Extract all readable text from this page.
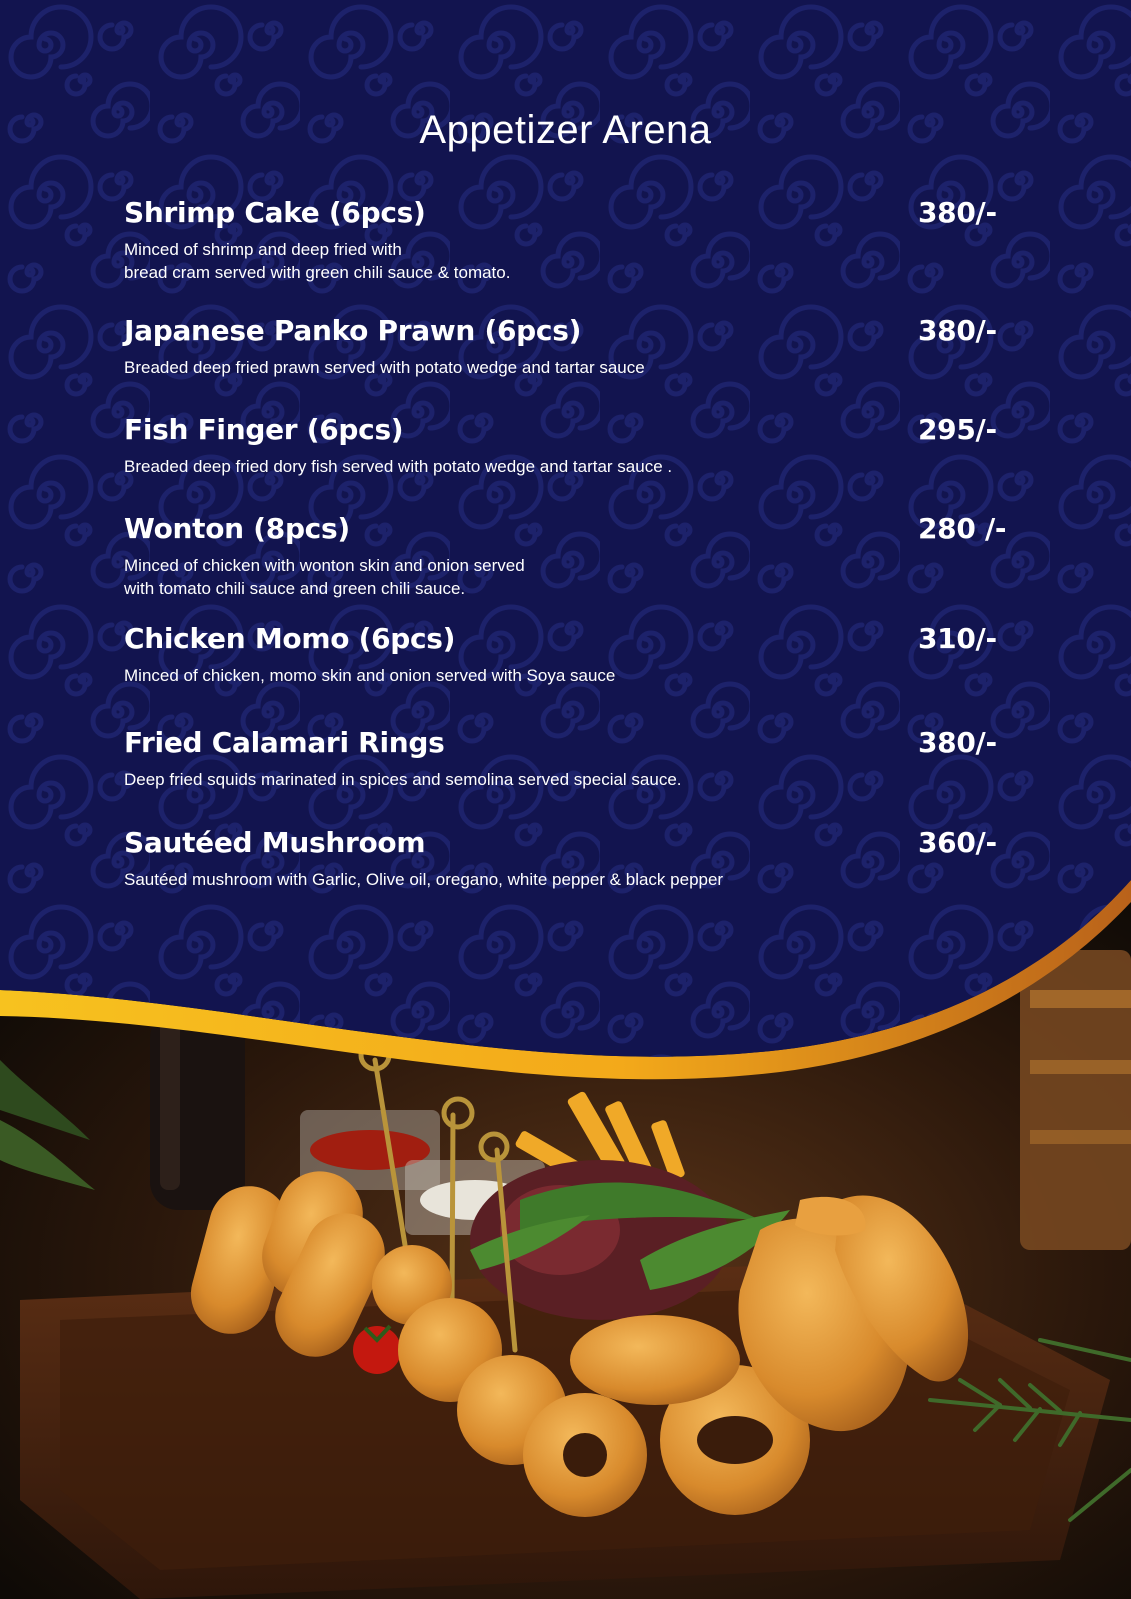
Appetizer Arena
Shrimp Cake (6pcs)	380/-
Minced of shrimp and deep fried with
bread cram served with green chili sauce & tomato.
Japanese Panko Prawn (6pcs)	380/-
Breaded deep fried prawn served with potato wedge and tartar sauce
Fish Finger (6pcs)	295/-
Breaded deep fried dory fish served with potato wedge and tartar sauce .
Wonton (8pcs)	280 /-
Minced of chicken with wonton skin and onion served
with tomato chili sauce and green chili sauce.
Chicken Momo (6pcs)	310/-
Minced of chicken, momo skin and onion served with Soya sauce
Fried Calamari Rings	380/-
Deep fried squids marinated in spices and semolina served special sauce.
Sautéed Mushroom	360/-
Sautéed mushroom with Garlic, Olive oil, oregano, white pepper & black pepper
